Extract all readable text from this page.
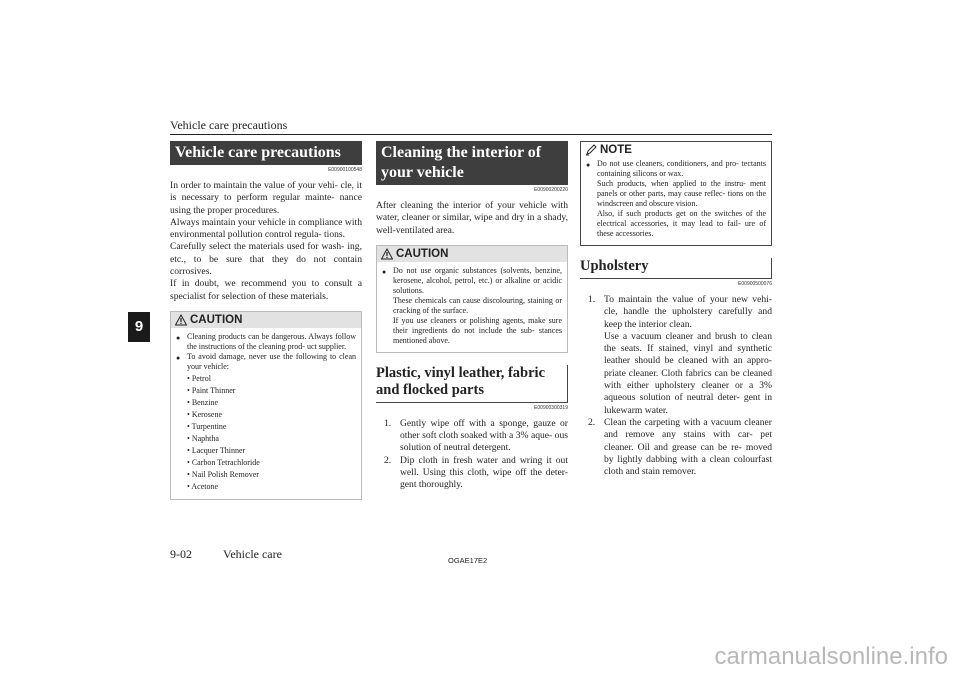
Vehicle care precautions
9
Vehicle care precautions
E00900100548

In order to maintain the value of your vehi- cle, it is necessary to perform regular mainte- nance using the proper procedures.

Always maintain your vehicle in compliance with environmental pollution control regula- tions.

Carefully select the materials used for wash- ing, etc., to be sure that they do not contain corrosives.

If in doubt, we recommend you to consult a specialist for selection of these materials.

CAUTION
● Cleaning products can be dangerous. Always follow the instructions of the cleaning prod- uct supplier.

● To avoid damage, never use the following to clean your vehicle:

• Petrol
• Paint Thinner
• Benzine
• Kerosene
• Turpentine
• Naphtha
• Lacquer Thinner
• Carbon Tetrachloride
• Nail Polish Remover
• Acetone
Cleaning the interior of your vehicle
E00900200220

After cleaning the interior of your vehicle with water, cleaner or similar, wipe and dry in a shady, well-ventilated area.

CAUTION
● Do not use organic substances (solvents, benzine, kerosene, alcohol, petrol, etc.) or alkaline or acidic solutions.

These chemicals can cause discolouring, staining or cracking of the surface.

If you use cleaners or polishing agents, make sure their ingredients do not include the sub- stances mentioned above.

Plastic, vinyl leather, fabric and flocked parts
E00900300319
1. Gently wipe off with a sponge, gauze or other soft cloth soaked with a 3% aque- ous solution of neutral detergent.
2. Dip cloth in fresh water and wring it out well. Using this cloth, wipe off the deter- gent thoroughly.
NOTE
● Do not use cleaners, conditioners, and pro- tectants containing silicons or wax.

Such products, when applied to the instru- ment panels or other parts, may cause reflec- tions on the windscreen and obscure vision.

Also, if such products get on the switches of the electrical accessories, it may lead to fail- ure of these accessories.

Upholstery
E00900500076
1. To maintain the value of your new vehi- cle, handle the upholstery carefully and keep the interior clean.
Use a vacuum cleaner and brush to clean the seats. If stained, vinyl and synthetic leather should be cleaned with an appro- priate cleaner. Cloth fabrics can be cleaned with either upholstery cleaner or a 3% aqueous solution of neutral deter- gent in lukewarm water.
2. Clean the carpeting with a vacuum cleaner and remove any stains with car- pet cleaner. Oil and grease can be re- moved by lightly dabbing with a clean colourfast cloth and stain remover.
9-02	Vehicle care	OGAE17E2
carmanualsonline.info
